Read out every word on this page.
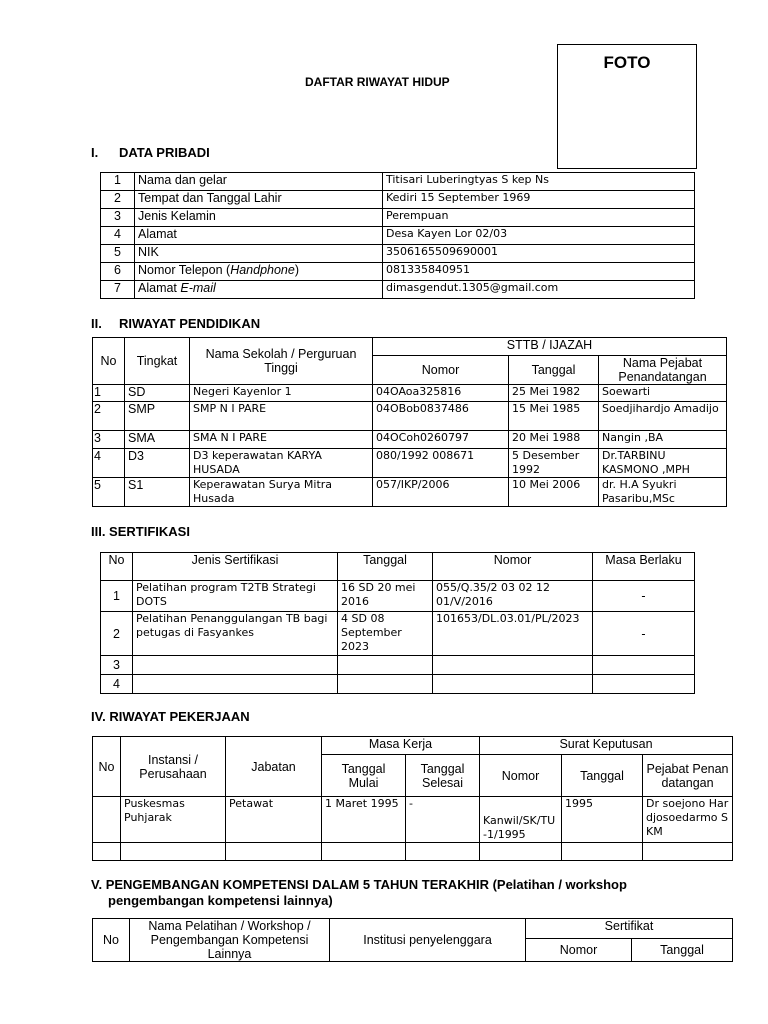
FOTO
DAFTAR RIWAYAT HIDUP
I. DATA PRIBADI
1	Nama dan gelar	Titisari Luberingtyas S kep Ns
2	Tempat dan Tanggal Lahir	Kediri 15 September 1969
3	Jenis Kelamin	Perempuan
4	Alamat	Desa Kayen Lor 02/03
5	NIK	3506165509690001
6	Nomor Telepon (Handphone)	081335840951
7	Alamat E-mail	dimasgendut.1305@gmail.com
II. RIWAYAT PENDIDIKAN
No	Tingkat	Nama Sekolah / Perguruan Tinggi	STTB / IJAZAH		
			Nomor	Tanggal	Nama Pejabat Penandatangan
1	SD	Negeri Kayenlor 1	04OAoa325816	25 Mei 1982	Soewarti
2	SMP	SMP N I PARE	04OBob0837486	15 Mei 1985	Soedjihardjo Amadijo
3	SMA	SMA N I PARE	04OCoh0260797	20 Mei 1988	Nangin ,BA
4	D3	D3 keperawatan KARYA HUSADA	080/1992 008671	5 Desember 1992	Dr.TARBINU KASMONO ,MPH
5	S1	Keperawatan Surya Mitra Husada	057/IKP/2006	10 Mei 2006	dr. H.A Syukri Pasaribu,MSc
III. SERTIFIKASI
No	Jenis Sertifikasi	Tanggal	Nomor	Masa Berlaku
1	Pelatihan program T2TB Strategi DOTS	16 SD 20 mei 2016	055/Q.35/2 03 02 12 01/V/2016	-
2	Pelatihan Penanggulangan TB bagi petugas di Fasyankes	4 SD 08 September 2023	101653/DL.03.01/PL/2023	-
3				
4				
IV. RIWAYAT PEKERJAAN
No	Instansi / Perusahaan	Jabatan	Masa Kerja		Surat Keputusan		
			Tanggal Mulai	Tanggal Selesai	Nomor	Tanggal	Pejabat Penandatangan
	Puskesmas Puhjarak	Petawat	1 Maret 1995	-	Kanwil/SK/TU-1/1995	1995	Dr soejono Hardjosoedarmo SKM

V. PENGEMBANGAN KOMPETENSI DALAM 5 TAHUN TERAKHIR (Pelatihan / workshop
pengembangan kompetensi lainnya)
No	Nama Pelatihan / Workshop / Pengembangan Kompetensi Lainnya	Institusi penyelenggara	Sertifikat	
			Nomor	Tanggal
